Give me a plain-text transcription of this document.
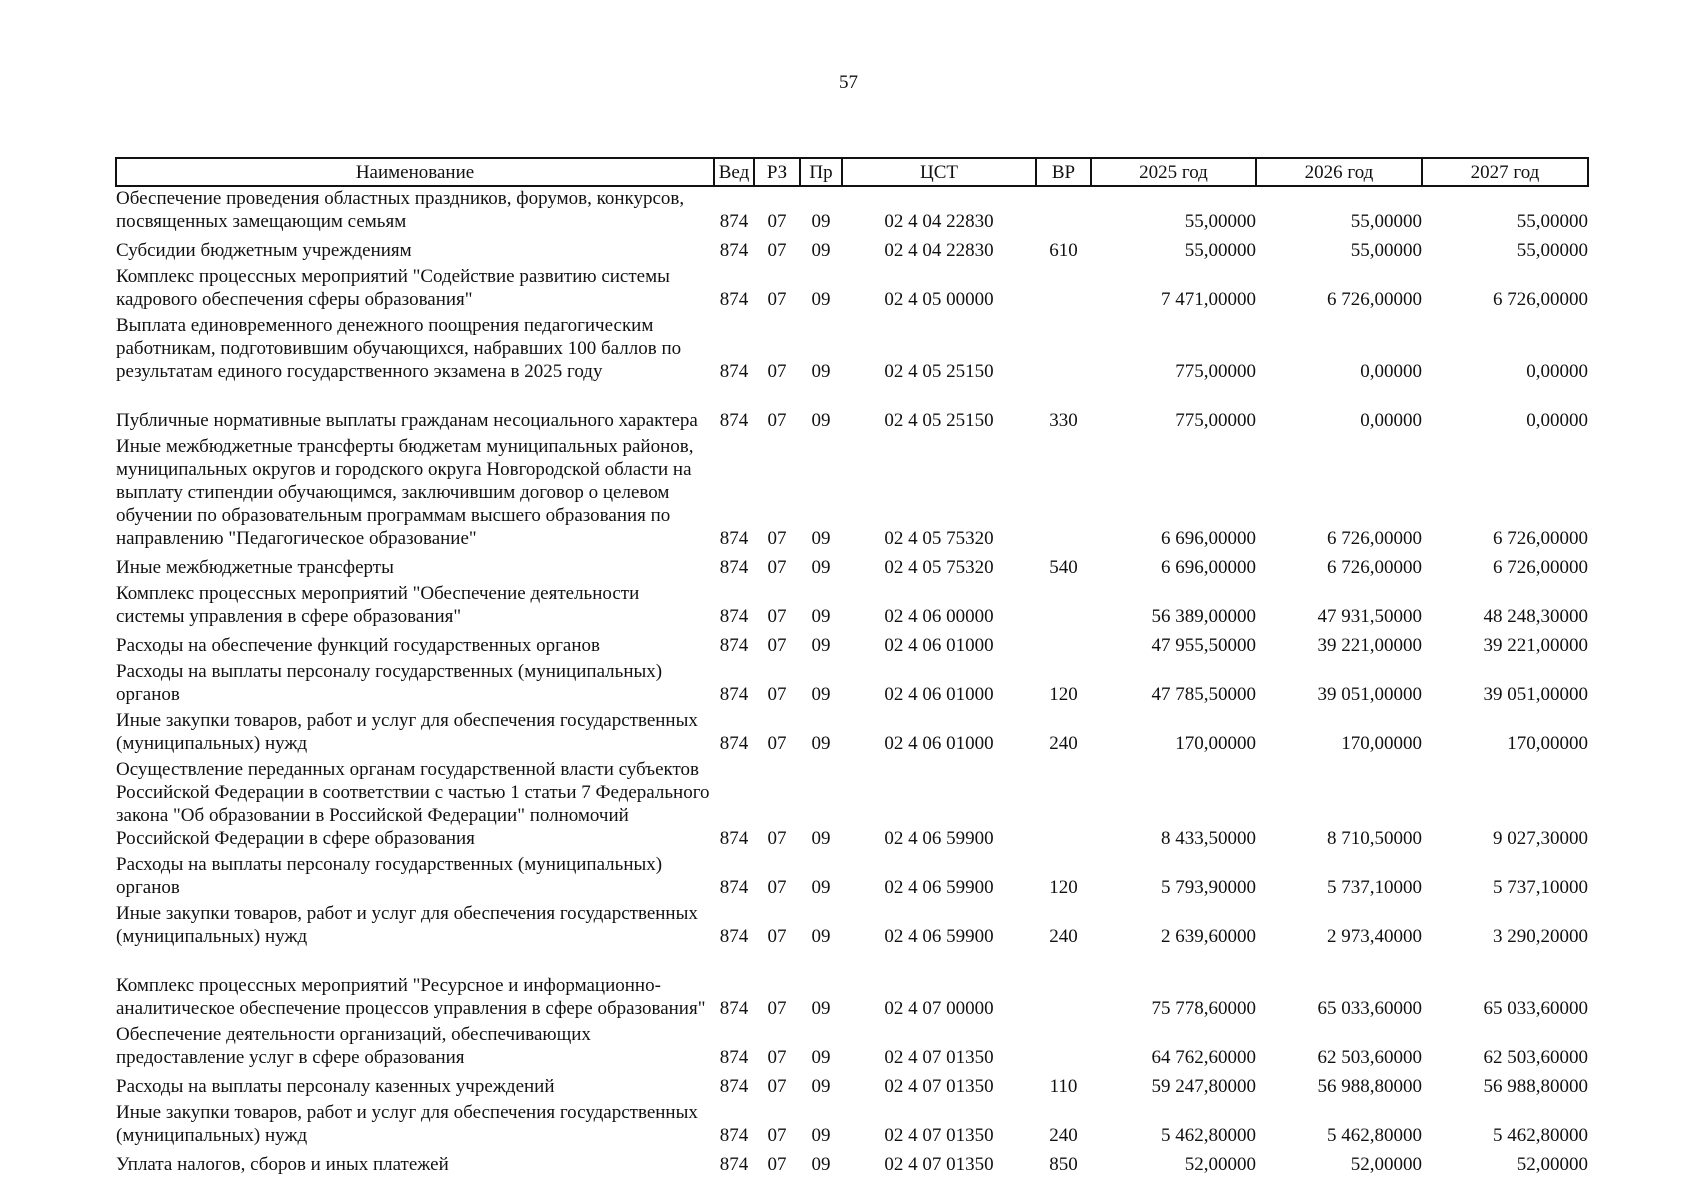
57
Наименование	Вед	РЗ	Пр	ЦСТ	ВР	2025 год	2026 год	2027 год
Обеспечение проведения областных праздников, форумов, конкурсов, посвященных замещающим семьям	874	07	09	02 4 04 22830		55,00000	55,00000	55,00000
Субсидии бюджетным учреждениям	874	07	09	02 4 04 22830	610	55,00000	55,00000	55,00000
Комплекс процессных мероприятий "Содействие развитию системы кадрового обеспечения сферы образования"	874	07	09	02 4 05 00000		7 471,00000	6 726,00000	6 726,00000
Выплата единовременного денежного поощрения педагогическим работникам, подготовившим обучающихся, набравших 100 баллов по результатам единого государственного экзамена в 2025 году	874	07	09	02 4 05 25150		775,00000	0,00000	0,00000
Публичные нормативные выплаты гражданам несоциального характера	874	07	09	02 4 05 25150	330	775,00000	0,00000	0,00000
Иные межбюджетные трансферты бюджетам муниципальных районов, муниципальных округов и городского округа Новгородской области на выплату стипендии обучающимся, заключившим договор о целевом обучении по образовательным программам высшего образования по направлению "Педагогическое образование"	874	07	09	02 4 05 75320		6 696,00000	6 726,00000	6 726,00000
Иные межбюджетные трансферты	874	07	09	02 4 05 75320	540	6 696,00000	6 726,00000	6 726,00000
Комплекс процессных мероприятий "Обеспечение деятельности системы управления в сфере образования"	874	07	09	02 4 06 00000		56 389,00000	47 931,50000	48 248,30000
Расходы на обеспечение функций государственных органов	874	07	09	02 4 06 01000		47 955,50000	39 221,00000	39 221,00000
Расходы на выплаты персоналу государственных (муниципальных) органов	874	07	09	02 4 06 01000	120	47 785,50000	39 051,00000	39 051,00000
Иные закупки товаров, работ и услуг для обеспечения государственных (муниципальных) нужд	874	07	09	02 4 06 01000	240	170,00000	170,00000	170,00000
Осуществление переданных органам государственной власти субъектов Российской Федерации в соответствии с частью 1 статьи 7 Федерального закона "Об образовании в Российской Федерации" полномочий Российской Федерации в сфере образования	874	07	09	02 4 06 59900		8 433,50000	8 710,50000	9 027,30000
Расходы на выплаты персоналу государственных (муниципальных) органов	874	07	09	02 4 06 59900	120	5 793,90000	5 737,10000	5 737,10000
Иные закупки товаров, работ и услуг для обеспечения государственных (муниципальных) нужд	874	07	09	02 4 06 59900	240	2 639,60000	2 973,40000	3 290,20000
Комплекс процессных мероприятий "Ресурсное и информационно-аналитическое обеспечение процессов управления в сфере образования"	874	07	09	02 4 07 00000		75 778,60000	65 033,60000	65 033,60000
Обеспечение деятельности организаций, обеспечивающих предоставление услуг в сфере образования	874	07	09	02 4 07 01350		64 762,60000	62 503,60000	62 503,60000
Расходы на выплаты персоналу казенных учреждений	874	07	09	02 4 07 01350	110	59 247,80000	56 988,80000	56 988,80000
Иные закупки товаров, работ и услуг для обеспечения государственных (муниципальных) нужд	874	07	09	02 4 07 01350	240	5 462,80000	5 462,80000	5 462,80000
Уплата налогов, сборов и иных платежей	874	07	09	02 4 07 01350	850	52,00000	52,00000	52,00000
